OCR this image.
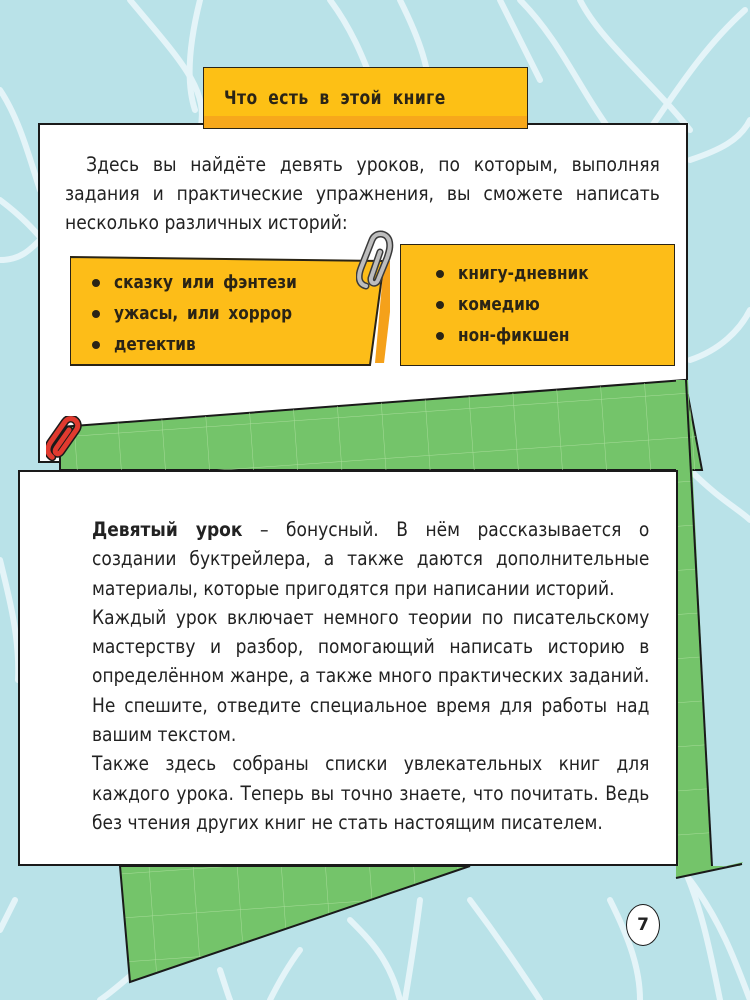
Что есть в этой книге
Здесь вы найдёте девять уроков, по которым, выполняя задания и практические упражнения, вы сможете написать несколько различных историй:
книгу-дневник
комедию
нон-фикшен
сказку или фэнтези
ужасы, или хоррор
детектив

Девятый урок – бонусный. В нём рассказывается о создании буктрейлера, а также даются дополнительные материалы, которые пригодятся при написании историй.

Каждый урок включает немного теории по писательскому мастерству и разбор, помогающий написать историю в определённом жанре, а также много практических заданий. Не спешите, отведите специальное время для работы над вашим текстом.

Также здесь собраны списки увлекательных книг для каждого урока. Теперь вы точно знаете, что почитать. Ведь без чтения других книг не стать настоящим писателем.

7
